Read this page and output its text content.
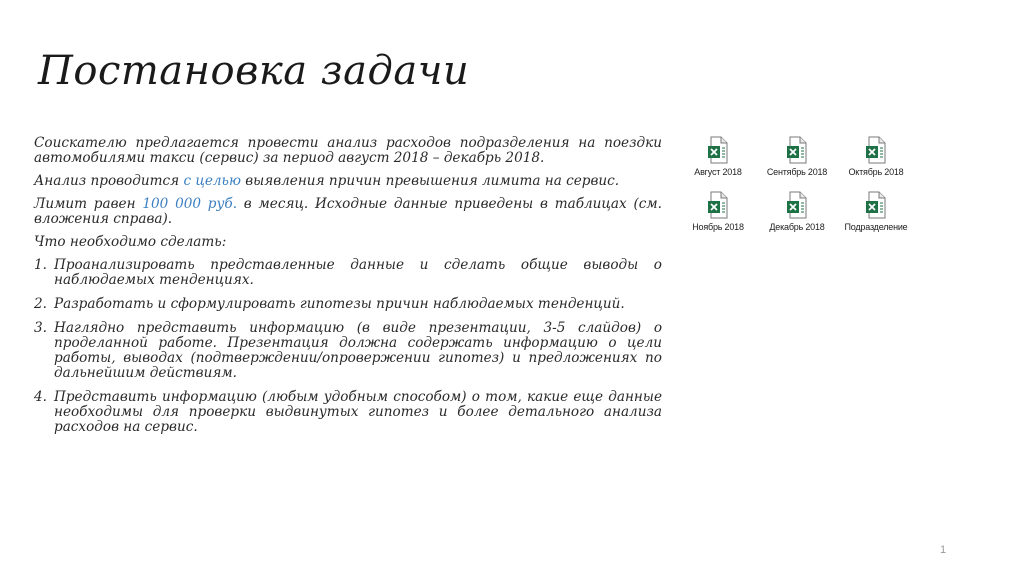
Постановка задачи

Соискателю предлагается провести анализ расходов подразделения на поездки автомобилями такси (сервис) за период август 2018 – декабрь 2018.

Анализ проводится с целью выявления причин превышения лимита на сервис.

Лимит равен 100 000 руб. в месяц. Исходные данные приведены в таблицах (см. вложения справа).

Что необходимо сделать:

1. Проанализировать представленные данные и сделать общие выводы о наблюдаемых тенденциях.
2. Разработать и сформулировать гипотезы причин наблюдаемых тенденций.
3. Наглядно представить информацию (в виде презентации, 3-5 слайдов) о проделанной работе. Презентация должна содержать информацию о цели работы, выводах (подтверждении/опровержении гипотез) и предложениях по дальнейшим действиям.
4. Представить информацию (любым удобным способом) о том, какие еще данные необходимы для проверки выдвинутых гипотез и более детального анализа расходов на сервис.
Август 2018	Сентябрь 2018 Октябрь 2018
Ноябрь 2018	Декабрь 2018 Подразделение
1
